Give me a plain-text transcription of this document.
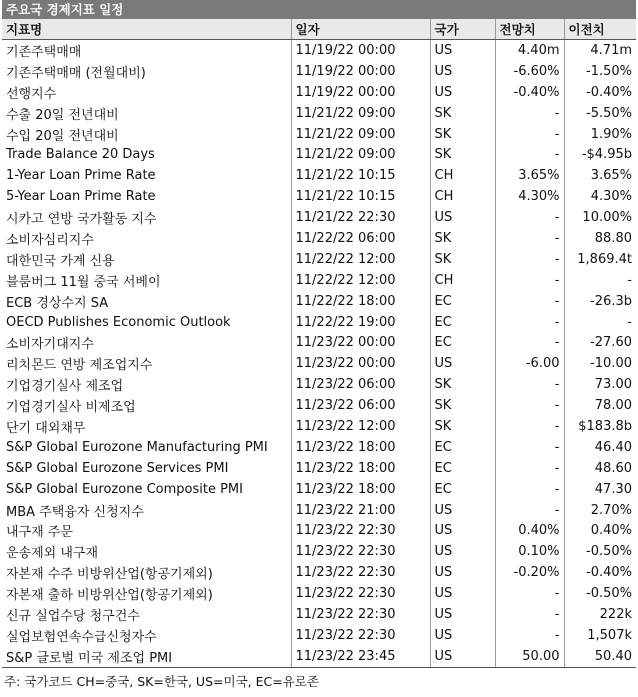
주요국 경제지표 일정
지표명	일자	국가	전망치	이전치
기존주택매매	11/19/22 00:00	US	4.40m	4.71m
기존주택매매 (전월대비)	11/19/22 00:00	US	-6.60%	-1.50%
선행지수	11/19/22 00:00	US	-0.40%	-0.40%
수출 20일 전년대비	11/21/22 09:00	SK	-	-5.50%
수입 20일 전년대비	11/21/22 09:00	SK	-	1.90%
Trade Balance 20 Days	11/21/22 09:00	SK	-	-$4.95b
1-Year Loan Prime Rate	11/21/22 10:15	CH	3.65%	3.65%
5-Year Loan Prime Rate	11/21/22 10:15	CH	4.30%	4.30%
시카고 연방 국가활동 지수	11/21/22 22:30	US	-	10.00%
소비자심리지수	11/22/22 06:00	SK	-	88.80
대한민국 가계 신용	11/22/22 12:00	SK	-	1,869.4t
블룸버그 11월 중국 서베이	11/22/22 12:00	CH	-	-
ECB 경상수지 SA	11/22/22 18:00	EC	-	-26.3b
OECD Publishes Economic Outlook	11/22/22 19:00	EC	-	-
소비자기대지수	11/23/22 00:00	EC	-	-27.60
리치몬드 연방 제조업지수	11/23/22 00:00	US	-6.00	-10.00
기업경기실사 제조업	11/23/22 06:00	SK	-	73.00
기업경기실사 비제조업	11/23/22 06:00	SK	-	78.00
단기 대외채무	11/23/22 12:00	SK	-	$183.8b
S&P Global Eurozone Manufacturing PMI	11/23/22 18:00	EC	-	46.40
S&P Global Eurozone Services PMI	11/23/22 18:00	EC	-	48.60
S&P Global Eurozone Composite PMI	11/23/22 18:00	EC	-	47.30
MBA 주택융자 신청지수	11/23/22 21:00	US	-	2.70%
내구재 주문	11/23/22 22:30	US	0.40%	0.40%
운송제외 내구재	11/23/22 22:30	US	0.10%	-0.50%
자본재 수주 비방위산업(항공기제외)	11/23/22 22:30	US	-0.20%	-0.40%
자본재 출하 비방위산업(항공기제외)	11/23/22 22:30	US	-	-0.50%
신규 실업수당 청구건수	11/23/22 22:30	US	-	222k
실업보험연속수급신청자수	11/23/22 22:30	US	-	1,507k
S&P 글로벌 미국 제조업 PMI	11/23/22 23:45	US	50.00	50.40
주: 국가코드 CH=중국, SK=한국, US=미국, EC=유로존
